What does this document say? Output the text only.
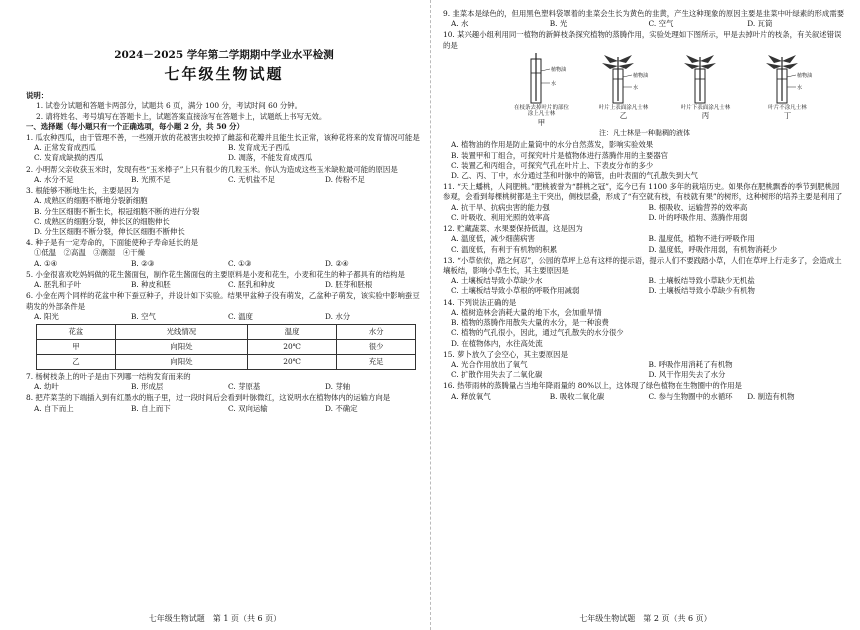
2024－2025 学年第二学期期中学业水平检测
七年级生物试题
说明：
1. 试卷分试题和答题卡两部分，试题共 6 页，满分 100 分，考试时间 60 分钟。
2. 请将姓名、考号填写在答题卡上，试题答案直接涂写在答题卡上，试题纸上书写无效。
一、选择题（每小题只有一个正确选项，每小题 2 分，共 50 分）
1. 瓜农种西瓜，由于管理不善，一些刚开放的花被害虫咬掉了雌蕊和花瓣并且能生长正常，该种花将来的发育情况可能是
A. 正常发育成西瓜	B. 发育成无子西瓜
C. 发育成缺损的西瓜	D. 凋落，不能发育成西瓜
2. 小明帮父亲收获玉米时，发现有些“玉米棒子”上只有很少的几粒玉米。你认为造成这些玉米缺粒最可能的原因是
A. 水分不足	B. 光照不足	C. 无机盐不足	D. 传粉不足
3. 根能够不断地生长，主要是因为
A. 成熟区的细胞不断地分裂新细胞
B. 分生区细胞不断生长，根冠细胞不断的进行分裂
C. 成熟区的细胞分裂，伸长区的细胞伸长
D. 分生区细胞不断分裂，伸长区细胞不断伸长
4. 种子是有一定寿命的，下面能使种子寿命延长的是
①低温　②高温　③潮湿　④干燥
A. ①④	B. ②③	C. ①③	D. ②④
5. 小金很喜欢吃妈妈做的花生酱面包，制作花生酱面包的主要原料是小麦和花生，小麦和花生的种子都具有的结构是
A. 胚乳和子叶	B. 种皮和胚	C. 胚乳和种皮	D. 胚芽和胚根
6. 小金在两个同样的花盆中种下蚕豆种子，并设计如下实验。结果甲盆种子没有萌发，乙盆种子萌发，该实验中影响蚕豆萌发的外部条件是
A. 阳光	B. 空气	C. 温度	D. 水分
花盆	光线情况	温度	水分
甲	向阳处	20℃	很少
乙	向阳处	20℃	充足
7. 杨树枝条上的叶子是由下列哪一结构发育而来的
A. 幼叶	B. 形成层	C. 芽原基	D. 芽轴
8. 把芹菜茎的下端插入到有红墨水的瓶子里，过一段时间后会看到叶脉微红，这说明水在植物体内的运输方向是
A. 自下而上	B. 自上而下	C. 双向运输	D. 不确定
七年级生物试题　第 1 页（共 6 页）
9. 韭菜本是绿色的，但用黑色塑料袋罩着的韭菜会生长为黄色的韭黄，产生这种现象的原因主要是韭菜中叶绿素的形成需要
A. 水	B. 光	C. 空气	D. 瓦筒
10. 某兴趣小组利用同一植物的新鲜枝条探究植物的蒸腾作用，实验处理如下图所示，甲是去掉叶片的枝条，有关叙述错误的是
植物油
水
在枝条去掉叶片的部位涂上凡士林
甲
植物油
水
叶片上表面涂凡士林
乙
叶片下表面涂凡士林
丙
植物油
水
叶片不涂凡士林
丁
注：凡士林是一种黏稠的液体
A. 植物油的作用是防止量筒中的水分自然蒸发，影响实验效果
B. 装置甲和丁组合，可探究叶片是植物体进行蒸腾作用的主要器官
C. 装置乙和丙组合，可探究气孔在叶片上、下表皮分布的多少
D. 乙、丙、丁中，水分通过茎和叶脉中的筛管，由叶表面的气孔散失到大气
11. “天上蟠桃，人间肥桃。”肥桃被誉为“群桃之冠”，迄今已有 1100 多年的栽培历史。如果你在肥桃飘香的季节到肥桃园参观，会看到每棵桃树都是主干突出，侧枝层叠，形成了“有空就有枝，有枝就有果”的树形，这种树形的培养主要是利用了
A. 抗干旱、抗病虫害的能力强	B. 根吸收、运输营养的效率高
C. 叶吸收、利用光照的效率高	D. 叶的呼吸作用、蒸腾作用弱
12. 贮藏蔬菜、水果要保持低温，这是因为
A. 温度低，减少细菌病害	B. 温度低，植物不进行呼吸作用
C. 温度低，有利于有机物的积累	D. 温度低，呼吸作用弱，有机物消耗少
13. “小草依依，踏之何忍”，公园的草坪上总有这样的提示语，提示人们不要践踏小草，人们在草坪上行走多了，会造成土壤板结，影响小草生长，其主要原因是
A. 土壤板结导致小草缺少水	B. 土壤板结导致小草缺少无机盐
C. 土壤板结导致小草根的呼吸作用减弱	D. 土壤板结导致小草缺少有机物
14. 下列说法正确的是
A. 植树造林会消耗大量的地下水，会加重旱情
B. 植物的蒸腾作用散失大量的水分，是一种浪费
C. 植物的气孔很小，因此，通过气孔散失的水分很少
D. 在植物体内，水往高处流
15. 萝卜放久了会空心，其主要原因是
A. 光合作用放出了氧气	B. 呼吸作用消耗了有机物
C. 扩散作用失去了二氧化碳	D. 风干作用失去了水分
16. 热带雨林的蒸腾量占当地年降雨量的 80%以上，这体现了绿色植物在生物圈中的作用是
A. 释放氧气	B. 吸收二氧化碳	C. 参与生物圈中的水循环	D. 制造有机物
七年级生物试题　第 2 页（共 6 页）
